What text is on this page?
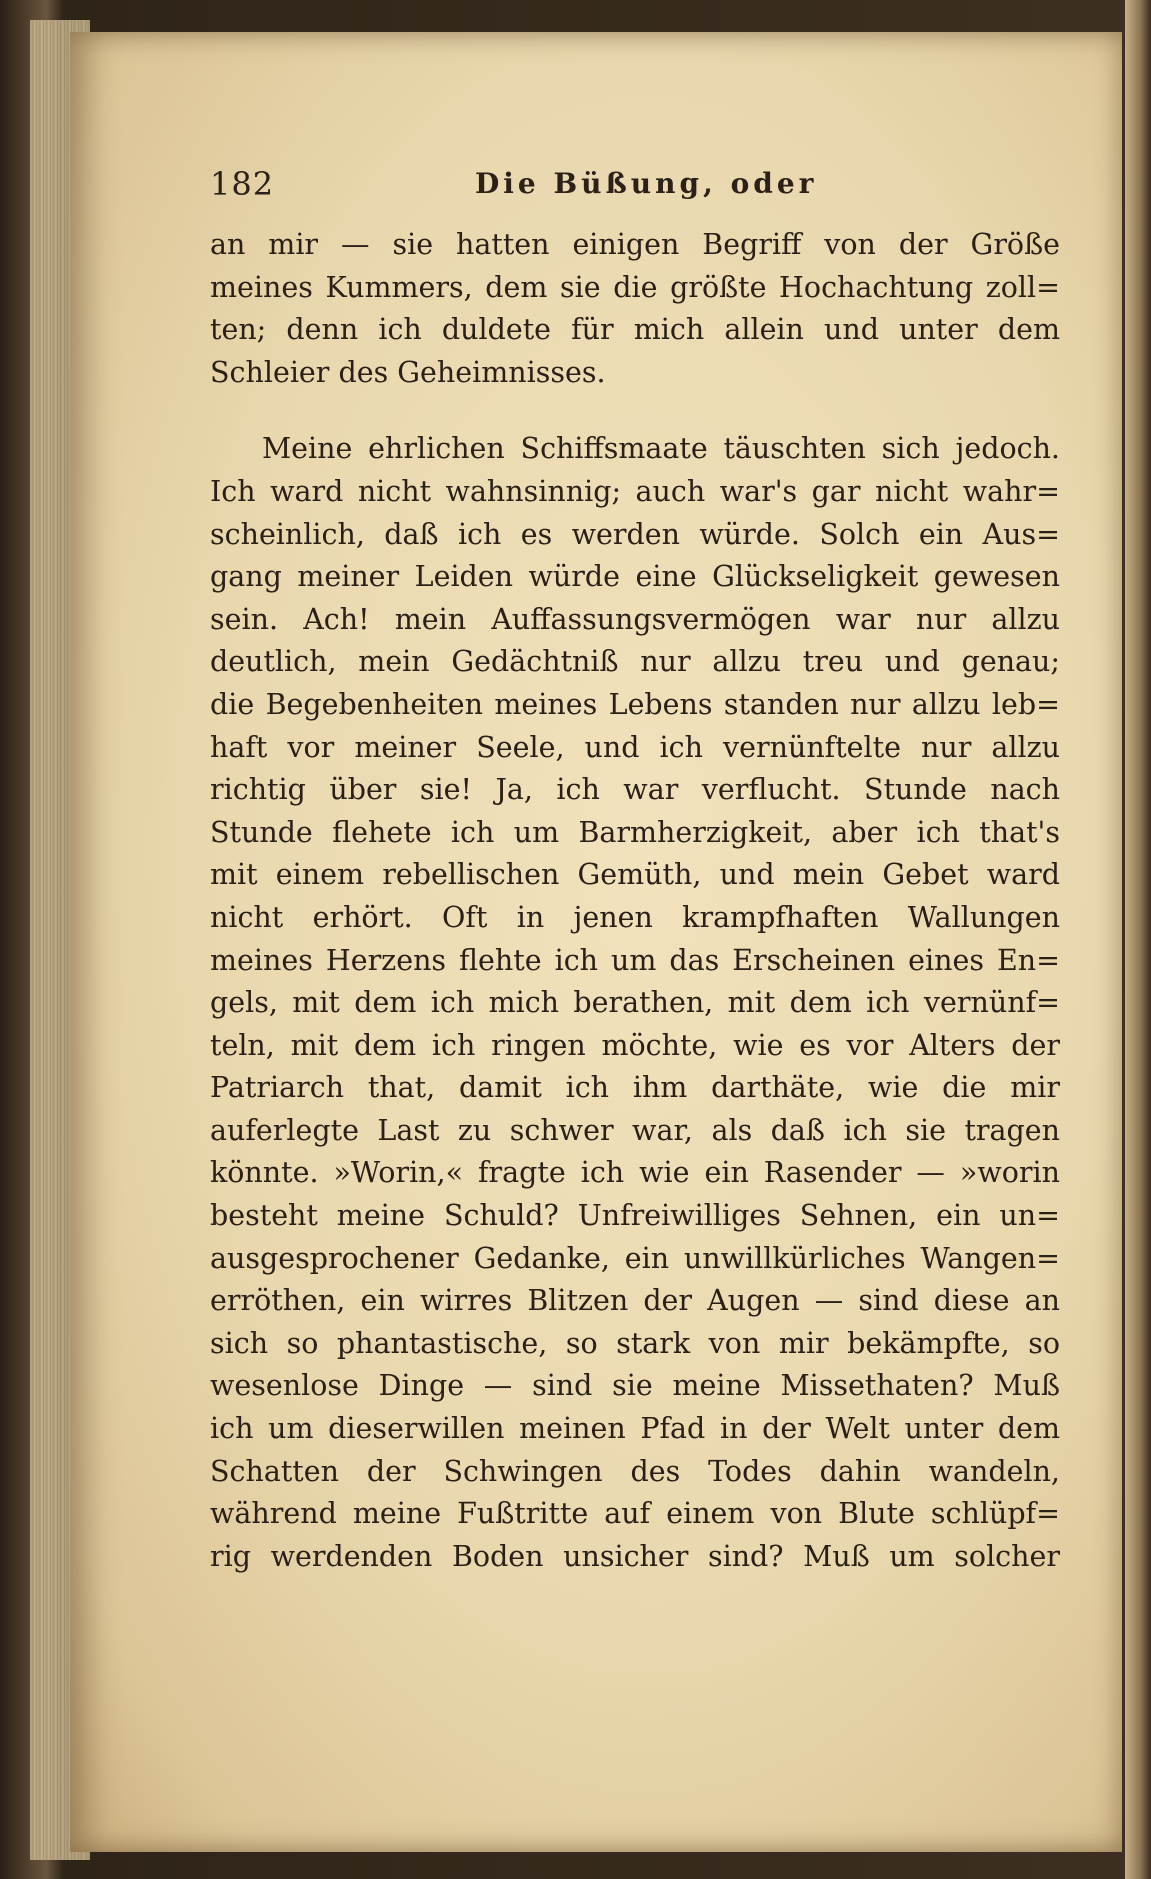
182	Die Büßung, oder
an mir — sie hatten einigen Begriff von der Größe
meines Kummers, dem sie die größte Hochachtung zoll=
ten; denn ich duldete für mich allein und unter dem
Schleier des Geheimnisses.
Meine ehrlichen Schiffsmaate täuschten sich jedoch.
Ich ward nicht wahnsinnig; auch war's gar nicht wahr=
scheinlich, daß ich es werden würde. Solch ein Aus=
gang meiner Leiden würde eine Glückseligkeit gewesen
sein. Ach! mein Auffassungsvermögen war nur allzu
deutlich, mein Gedächtniß nur allzu treu und genau;
die Begebenheiten meines Lebens standen nur allzu leb=
haft vor meiner Seele, und ich vernünftelte nur allzu
richtig über sie! Ja, ich war verflucht. Stunde nach
Stunde flehete ich um Barmherzigkeit, aber ich that's
mit einem rebellischen Gemüth, und mein Gebet ward
nicht erhört. Oft in jenen krampfhaften Wallungen
meines Herzens flehte ich um das Erscheinen eines En=
gels, mit dem ich mich berathen, mit dem ich vernünf=
teln, mit dem ich ringen möchte, wie es vor Alters der
Patriarch that, damit ich ihm darthäte, wie die mir
auferlegte Last zu schwer war, als daß ich sie tragen
könnte. »Worin,« fragte ich wie ein Rasender — »worin
besteht meine Schuld? Unfreiwilliges Sehnen, ein un=
ausgesprochener Gedanke, ein unwillkürliches Wangen=
erröthen, ein wirres Blitzen der Augen — sind diese an
sich so phantastische, so stark von mir bekämpfte, so
wesenlose Dinge — sind sie meine Missethaten? Muß
ich um dieserwillen meinen Pfad in der Welt unter dem
Schatten der Schwingen des Todes dahin wandeln,
während meine Fußtritte auf einem von Blute schlüpf=
rig werdenden Boden unsicher sind? Muß um solcher
